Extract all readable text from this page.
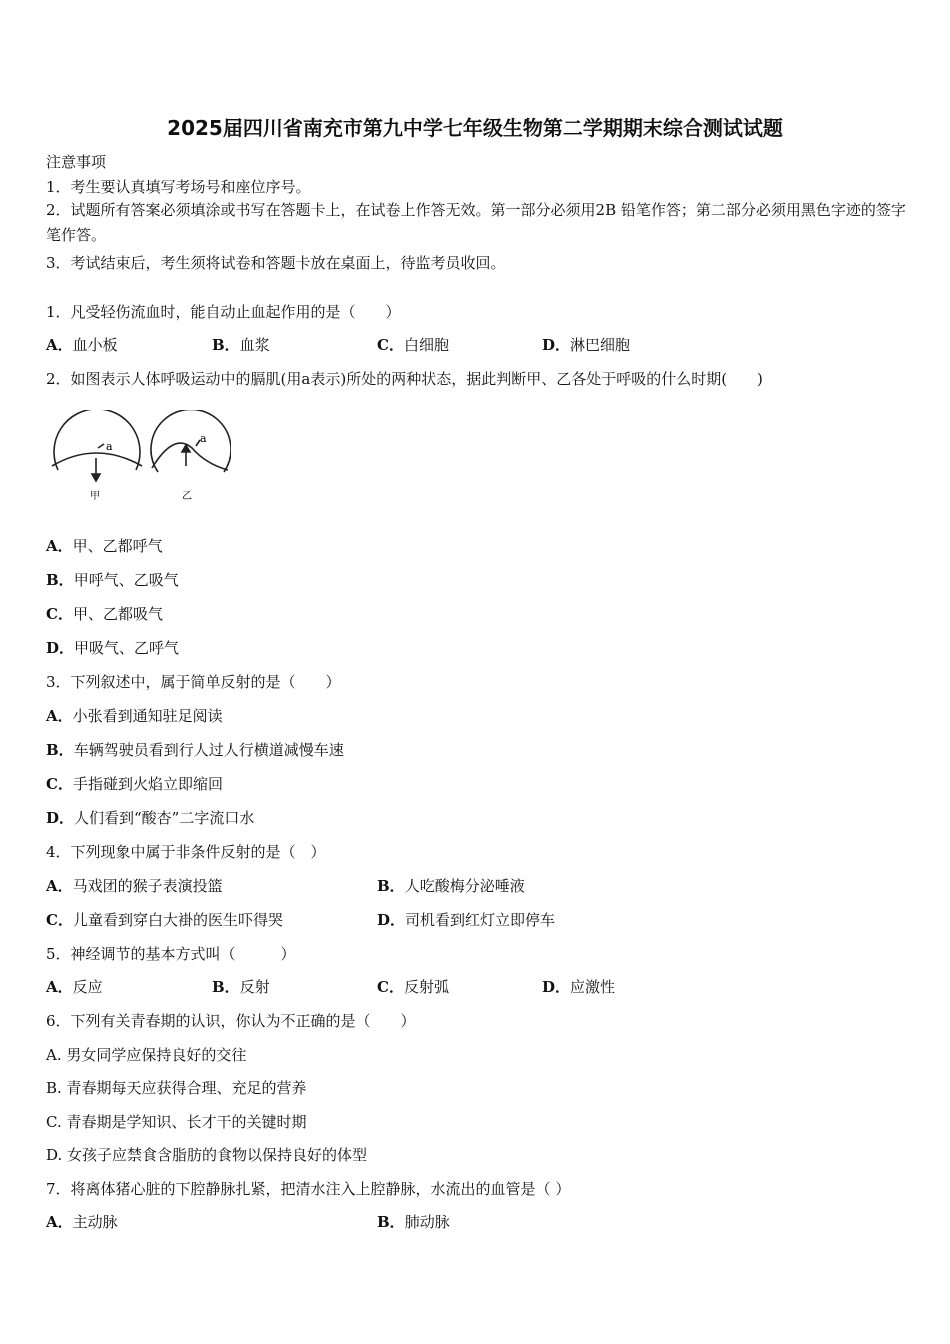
2025届四川省南充市第九中学七年级生物第二学期期末综合测试试题
注意事项
1．考生要认真填写考场号和座位序号。
2．试题所有答案必须填涂或书写在答题卡上，在试卷上作答无效。第一部分必须用2B 铅笔作答；第二部分必须用黑色字迹的签字笔作答。
3．考试结束后，考生须将试卷和答题卡放在桌面上，待监考员收回。
1．凡受轻伤流血时，能自动止血起作用的是（　　）
A．血小板	B．血浆	C．白细胞	D．淋巴细胞
2．如图表示人体呼吸运动中的膈肌(用a表示)所处的两种状态，据此判断甲、乙各处于呼吸的什么时期(　　)
a
a
甲	乙
A．甲、乙都呼气
B．甲呼气、乙吸气
C．甲、乙都吸气
D．甲吸气、乙呼气
3．下列叙述中，属于简单反射的是（　　）
A．小张看到通知驻足阅读
B．车辆驾驶员看到行人过人行横道减慢车速
C．手指碰到火焰立即缩回
D．人们看到“酸杏”二字流口水
4．下列现象中属于非条件反射的是（　）
A．马戏团的猴子表演投篮	B．人吃酸梅分泌唾液
C．儿童看到穿白大褂的医生吓得哭	D．司机看到红灯立即停车
5．神经调节的基本方式叫（　　　）
A．反应	B．反射	C．反射弧	D．应激性
6．下列有关青春期的认识，你认为不正确的是（　　）
A. 男女同学应保持良好的交往
B. 青春期每天应获得合理、充足的营养
C. 青春期是学知识、长才干的关键时期
D. 女孩子应禁食含脂肪的食物以保持良好的体型
7．将离体猪心脏的下腔静脉扎紧，把清水注入上腔静脉，水流出的血管是（ ）
A．主动脉	B．肺动脉
